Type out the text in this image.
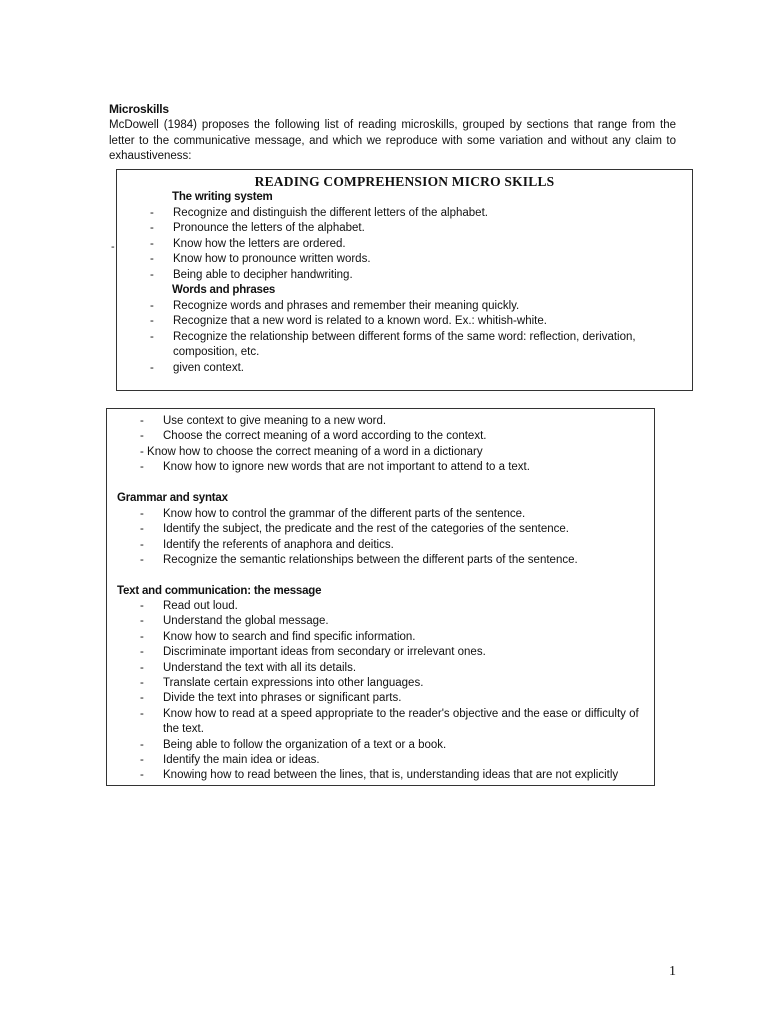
Microskills
McDowell (1984) proposes the following list of reading microskills, grouped by sections that range from the letter to the communicative message, and which we reproduce with some variation and without any claim to exhaustiveness:
-
READING COMPREHENSION MICRO SKILLS
The writing system
- Recognize and distinguish the different letters of the alphabet.
- Pronounce the letters of the alphabet.
- Know how the letters are ordered.
- Know how to pronounce written words.
- Being able to decipher handwriting.
Words and phrases
- Recognize words and phrases and remember their meaning quickly.
- Recognize that a new word is related to a known word. Ex.: whitish-white.
- Recognize the relationship between different forms of the same word: reflection, derivation, composition, etc.
- given context.
- Use context to give meaning to a new word.
- Choose the correct meaning of a word according to the context.
- Know how to choose the correct meaning of a word in a dictionary
- Know how to ignore new words that are not important to attend to a text.
Grammar and syntax
- Know how to control the grammar of the different parts of the sentence.
- Identify the subject, the predicate and the rest of the categories of the sentence.
- Identify the referents of anaphora and deitics.
- Recognize the semantic relationships between the different parts of the sentence.
Text and communication: the message
- Read out loud.
- Understand the global message.
- Know how to search and find specific information.
- Discriminate important ideas from secondary or irrelevant ones.
- Understand the text with all its details.
- Translate certain expressions into other languages.
- Divide the text into phrases or significant parts.
- Know how to read at a speed appropriate to the reader's objective and the ease or difficulty of the text.
- Being able to follow the organization of a text or a book.
- Identify the main idea or ideas.
- Knowing how to read between the lines, that is, understanding ideas that are not explicitly
1
